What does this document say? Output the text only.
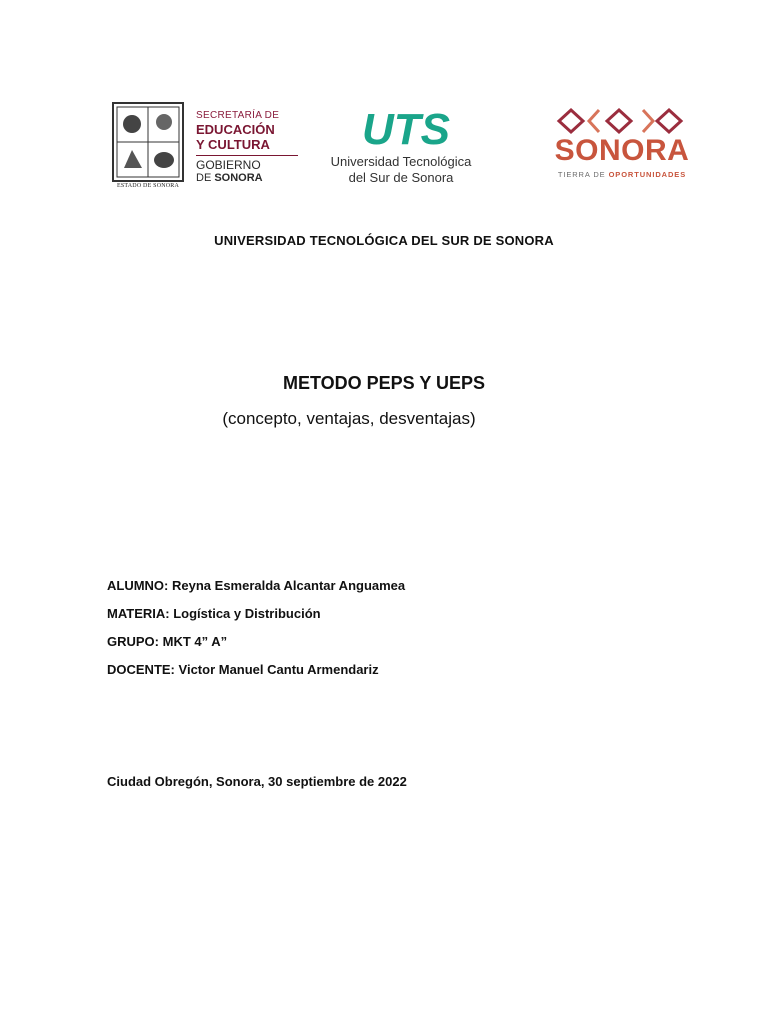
ESTADO DE SONORA
SECRETARÍA DE
EDUCACIÓN
Y CULTURA
GOBIERNO
DE SONORA
UTS
Universidad Tecnológica
del Sur de Sonora
SONORA
TIERRA DE OPORTUNIDADES
UNIVERSIDAD TECNOLÓGICA DEL SUR DE SONORA
METODO PEPS Y UEPS
(concepto, ventajas, desventajas)
ALUMNO: Reyna Esmeralda Alcantar Anguamea
MATERIA: Logística y Distribución
GRUPO: MKT 4” A”
DOCENTE: Victor Manuel Cantu Armendariz
Ciudad Obregón, Sonora, 30 septiembre de 2022
